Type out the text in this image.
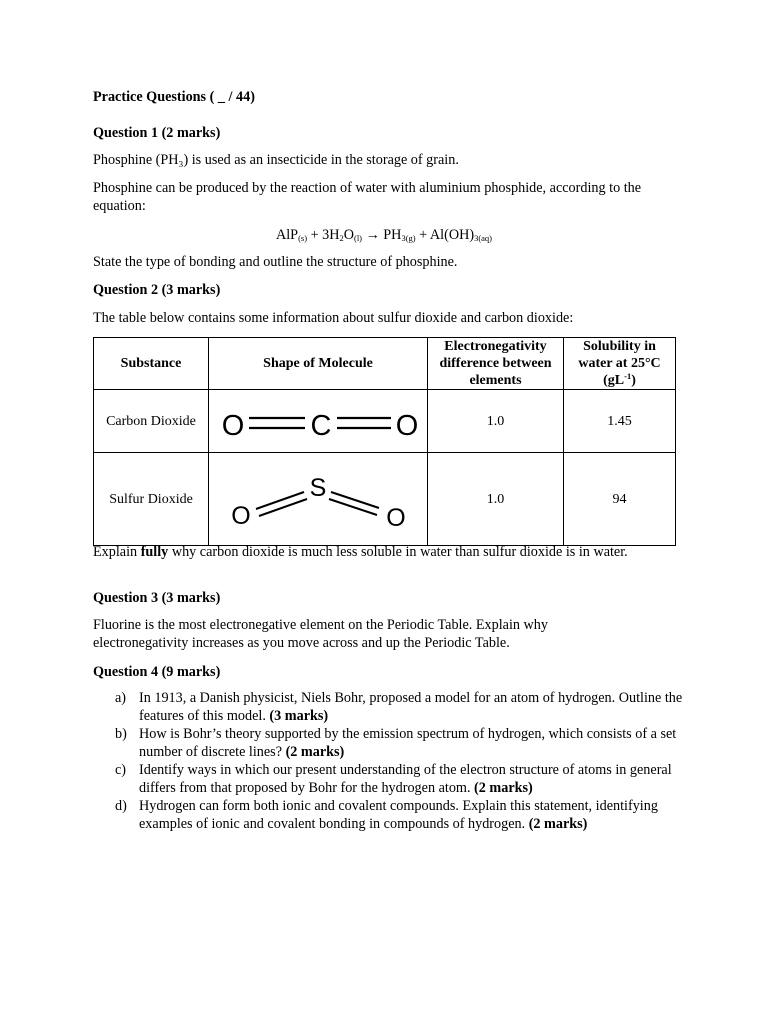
Practice Questions ( _ / 44)
Question 1 (2 marks)
Phosphine (PH₃) is used as an insecticide in the storage of grain.
Phosphine can be produced by the reaction of water with aluminium phosphide, according to the equation:
$AlP_{(s)} + 3H_2O_{(l)} \to PH_{3(g)} + Al(OH)_{3(aq)}$
State the type of bonding and outline the structure of phosphine.
Question 2 (3 marks)
The table below contains some information about sulfur dioxide and carbon dioxide:
Substance	Shape of Molecule	Electronegativity difference between elements	Solubility in water at 25°C $(gL^{-1})$
Carbon Dioxide	O C O	1.0	1.45
Sulfur Dioxide	O
S
O	1.0	94
Explain fully why carbon dioxide is much less soluble in water than sulfur dioxide is in water.
Question 3 (3 marks)
Fluorine is the most electronegative element on the Periodic Table. Explain why electronegativity increases as you move across and up the Periodic Table.
Question 4 (9 marks)
a) In 1913, a Danish physicist, Niels Bohr, proposed a model for an atom of hydrogen. Outline the features of this model. (3 marks)
b) How is Bohr’s theory supported by the emission spectrum of hydrogen, which consists of a set number of discrete lines? (2 marks)
c) Identify ways in which our present understanding of the electron structure of atoms in general differs from that proposed by Bohr for the hydrogen atom. (2 marks)
d) Hydrogen can form both ionic and covalent compounds. Explain this statement, identifying examples of ionic and covalent bonding in compounds of hydrogen. (2 marks)
